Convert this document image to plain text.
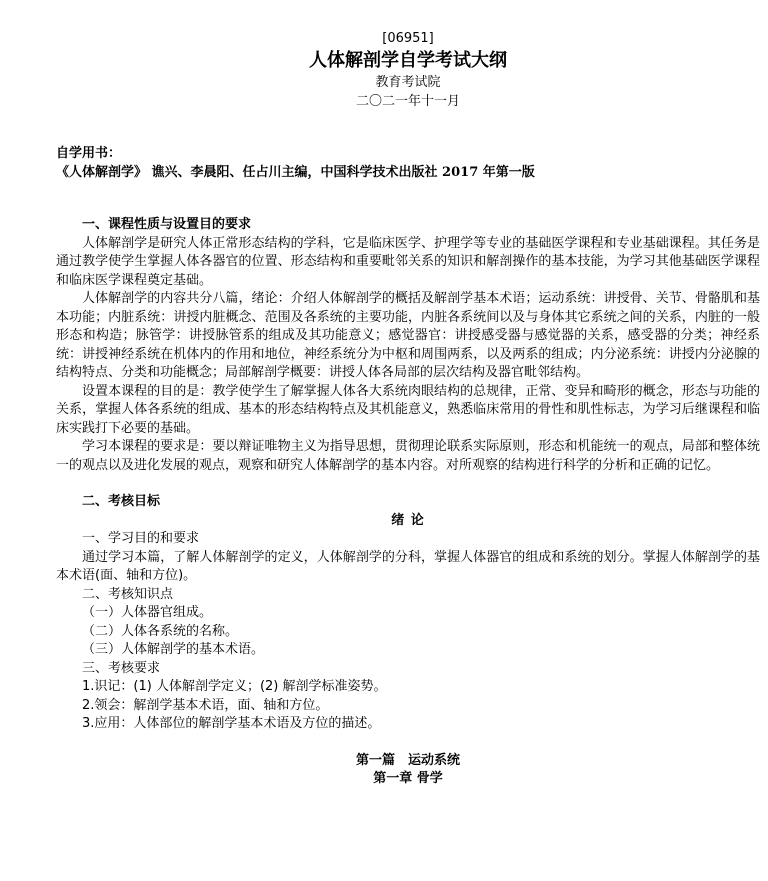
[06951]
人体解剖学自学考试大纲
教育考试院
二〇二一年十一月
自学用书：
《人体解剖学》 谯兴、李晨阳、任占川主编，中国科学技术出版社 2017 年第一版
一、课程性质与设置目的要求

人体解剖学是研究人体正常形态结构的学科，它是临床医学、护理学等专业的基础医学课程和专业基础课程。其任务是通过教学使学生掌握人体各器官的位置、形态结构和重要毗邻关系的知识和解剖操作的基本技能，为学习其他基础医学课程和临床医学课程奠定基础。

人体解剖学的内容共分八篇，绪论：介绍人体解剖学的概括及解剖学基本术语；运动系统：讲授骨、关节、骨骼肌和基本功能；内脏系统：讲授内脏概念、范围及各系统的主要功能，内脏各系统间以及与身体其它系统之间的关系，内脏的一般形态和构造；脉管学：讲授脉管系的组成及其功能意义；感觉器官：讲授感受器与感觉器的关系，感受器的分类；神经系统：讲授神经系统在机体内的作用和地位，神经系统分为中枢和周围两系，以及两系的组成；内分泌系统：讲授内分泌腺的结构特点、分类和功能概念；局部解剖学概要：讲授人体各局部的层次结构及器官毗邻结构。

设置本课程的目的是：教学使学生了解掌握人体各大系统肉眼结构的总规律，正常、变异和畸形的概念，形态与功能的关系，掌握人体各系统的组成、基本的形态结构特点及其机能意义，熟悉临床常用的骨性和肌性标志，为学习后继课程和临床实践打下必要的基础。

学习本课程的要求是：要以辩证唯物主义为指导思想，贯彻理论联系实际原则，形态和机能统一的观点，局部和整体统一的观点以及进化发展的观点，观察和研究人体解剖学的基本内容。对所观察的结构进行科学的分析和正确的记忆。

二、考核目标
绪 论
一、学习目的和要求

通过学习本篇，了解人体解剖学的定义，人体解剖学的分科，掌握人体器官的组成和系统的划分。掌握人体解剖学的基本术语(面、轴和方位)。

二、考核知识点
（一）人体器官组成。
（二）人体各系统的名称。
（三）人体解剖学的基本术语。
三、考核要求
1.识记：(1) 人体解剖学定义；(2) 解剖学标准姿势。
2.领会：解剖学基本术语，面、轴和方位。
3.应用：人体部位的解剖学基本术语及方位的描述。
第一篇　运动系统
第一章 骨学
